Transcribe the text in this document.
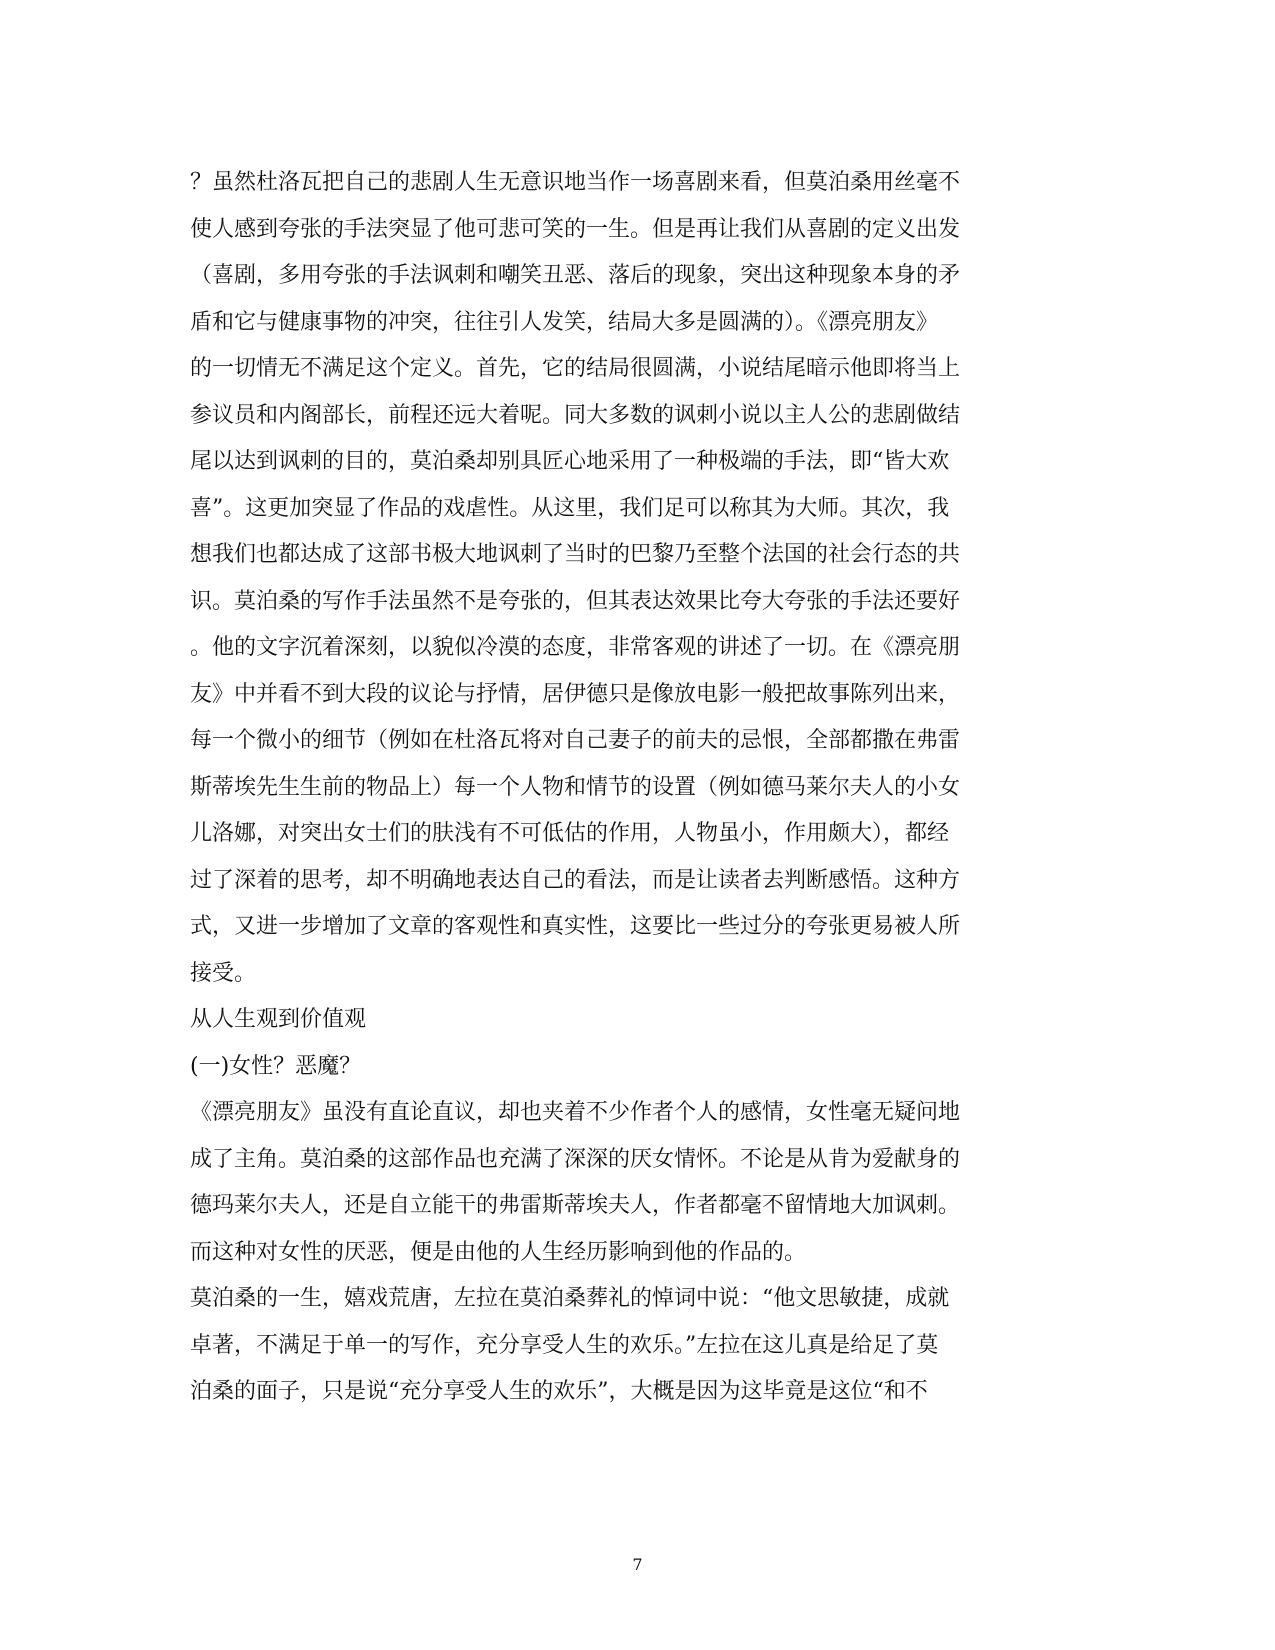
？虽然杜洛瓦把自己的悲剧人生无意识地当作一场喜剧来看，但莫泊桑用丝毫不
使人感到夸张的手法突显了他可悲可笑的一生。但是再让我们从喜剧的定义出发
（喜剧，多用夸张的手法讽刺和嘲笑丑恶、落后的现象，突出这种现象本身的矛
盾和它与健康事物的冲突，往往引人发笑，结局大多是圆满的）。《漂亮朋友》
的一切情无不满足这个定义。首先，它的结局很圆满，小说结尾暗示他即将当上
参议员和内阁部长，前程还远大着呢。同大多数的讽刺小说以主人公的悲剧做结
尾以达到讽刺的目的，莫泊桑却别具匠心地采用了一种极端的手法，即“皆大欢
喜”。这更加突显了作品的戏虐性。从这里，我们足可以称其为大师。其次，我
想我们也都达成了这部书极大地讽刺了当时的巴黎乃至整个法国的社会行态的共
识。莫泊桑的写作手法虽然不是夸张的，但其表达效果比夸大夸张的手法还要好
。他的文字沉着深刻，以貌似冷漠的态度，非常客观的讲述了一切。在《漂亮朋
友》中并看不到大段的议论与抒情，居伊德只是像放电影一般把故事陈列出来，
每一个微小的细节（例如在杜洛瓦将对自己妻子的前夫的忌恨，全部都撒在弗雷
斯蒂埃先生生前的物品上）每一个人物和情节的设置（例如德马莱尔夫人的小女
儿洛娜，对突出女士们的肤浅有不可低估的作用，人物虽小，作用颇大），都经
过了深着的思考，却不明确地表达自己的看法，而是让读者去判断感悟。这种方
式，又进一步增加了文章的客观性和真实性，这要比一些过分的夸张更易被人所
接受。
从人生观到价值观
(一)女性？恶魔？
《漂亮朋友》虽没有直论直议，却也夹着不少作者个人的感情，女性毫无疑问地
成了主角。莫泊桑的这部作品也充满了深深的厌女情怀。不论是从肯为爱献身的
德玛莱尔夫人，还是自立能干的弗雷斯蒂埃夫人，作者都毫不留情地大加讽刺。
而这种对女性的厌恶，便是由他的人生经历影响到他的作品的。
莫泊桑的一生，嬉戏荒唐，左拉在莫泊桑葬礼的悼词中说：“他文思敏捷，成就
卓著，不满足于单一的写作，充分享受人生的欢乐。”左拉在这儿真是给足了莫
泊桑的面子，只是说“充分享受人生的欢乐”，大概是因为这毕竟是这位“和不
7
